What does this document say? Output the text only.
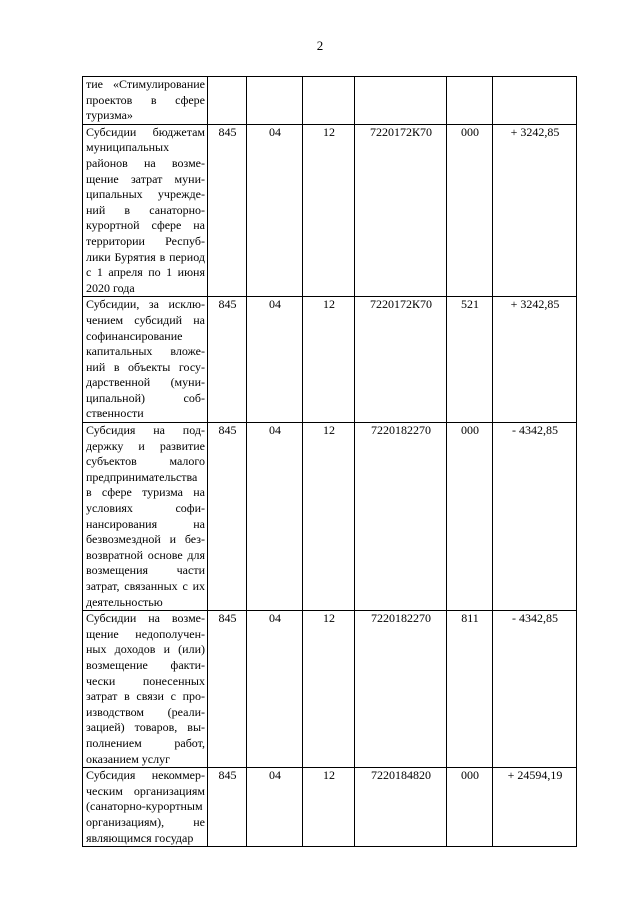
2
тие «Стимулирование проектов в сфере туризма»						

Субсидии бюджетам муниципальных районов на возмещение затрат муниципальных учреждений в санаторно-курортной сфере на территории Республики Бурятия в период с 1 апреля по 1 июня 2020 года	845	04	12	7220172К70	000	+ 3242,85

Субсидии, за исключением субсидий на софинансирование капитальных вложений в объекты государственной (муниципальной) собственности	845	04	12	7220172К70	521	+ 3242,85

Субсидия на поддержку и развитие субъектов малого предпринимательства в сфере туризма на условиях софинансирования на безвозмездной и безвозвратной основе для возмещения части затрат, связанных с их деятельностью	845	04	12	7220182270	000	- 4342,85

Субсидии на возмещение недополученных доходов и (или) возмещение фактически понесенных затрат в связи с производством (реализацией) товаров, выполнением работ, оказанием услуг	845	04	12	7220182270	811	- 4342,85

Субсидия некоммерческим организациям (санаторно-курортным организациям), не являющимся государ	845	04	12	7220184820	000	+ 24594,19
